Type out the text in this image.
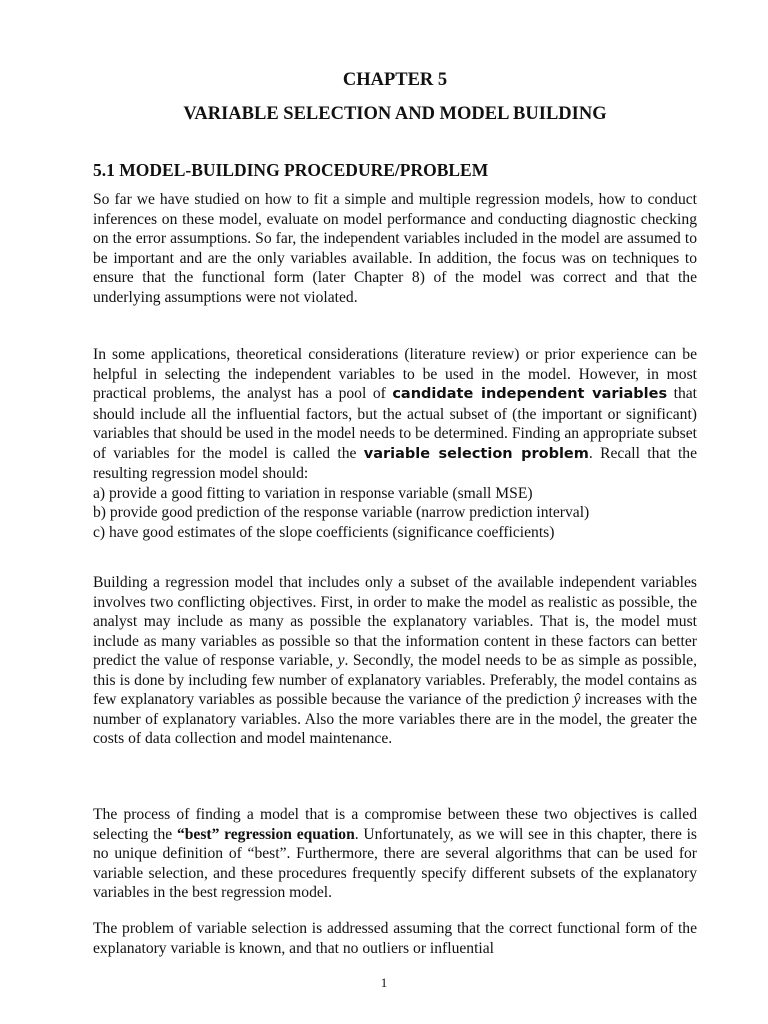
CHAPTER 5
VARIABLE SELECTION AND MODEL BUILDING
5.1 MODEL-BUILDING PROCEDURE/PROBLEM

So far we have studied on how to fit a simple and multiple regression models, how to conduct inferences on these model, evaluate on model performance and conducting diagnostic checking on the error assumptions. So far, the independent variables included in the model are assumed to be important and are the only variables available. In addition, the focus was on techniques to ensure that the functional form (later Chapter 8) of the model was correct and that the underlying assumptions were not violated.

In some applications, theoretical considerations (literature review) or prior experience can be helpful in selecting the independent variables to be used in the model. However, in most practical problems, the analyst has a pool of candidate independent variables that should include all the influential factors, but the actual subset of (the important or significant) variables that should be used in the model needs to be determined. Finding an appropriate subset of variables for the model is called the variable selection problem. Recall that the resulting regression model should:
a) provide a good fitting to variation in response variable (small MSE)
b) provide good prediction of the response variable (narrow prediction interval)
c) have good estimates of the slope coefficients (significance coefficients)

Building a regression model that includes only a subset of the available independent variables involves two conflicting objectives. First, in order to make the model as realistic as possible, the analyst may include as many as possible the explanatory variables. That is, the model must include as many variables as possible so that the information content in these factors can better predict the value of response variable, y. Secondly, the model needs to be as simple as possible, this is done by including few number of explanatory variables. Preferably, the model contains as few explanatory variables as possible because the variance of the prediction ŷ increases with the number of explanatory variables. Also the more variables there are in the model, the greater the costs of data collection and model maintenance.

The process of finding a model that is a compromise between these two objectives is called selecting the “best” regression equation. Unfortunately, as we will see in this chapter, there is no unique definition of “best”. Furthermore, there are several algorithms that can be used for variable selection, and these procedures frequently specify different subsets of the explanatory variables in the best regression model.

The problem of variable selection is addressed assuming that the correct functional form of the explanatory variable is known, and that no outliers or influential

1
